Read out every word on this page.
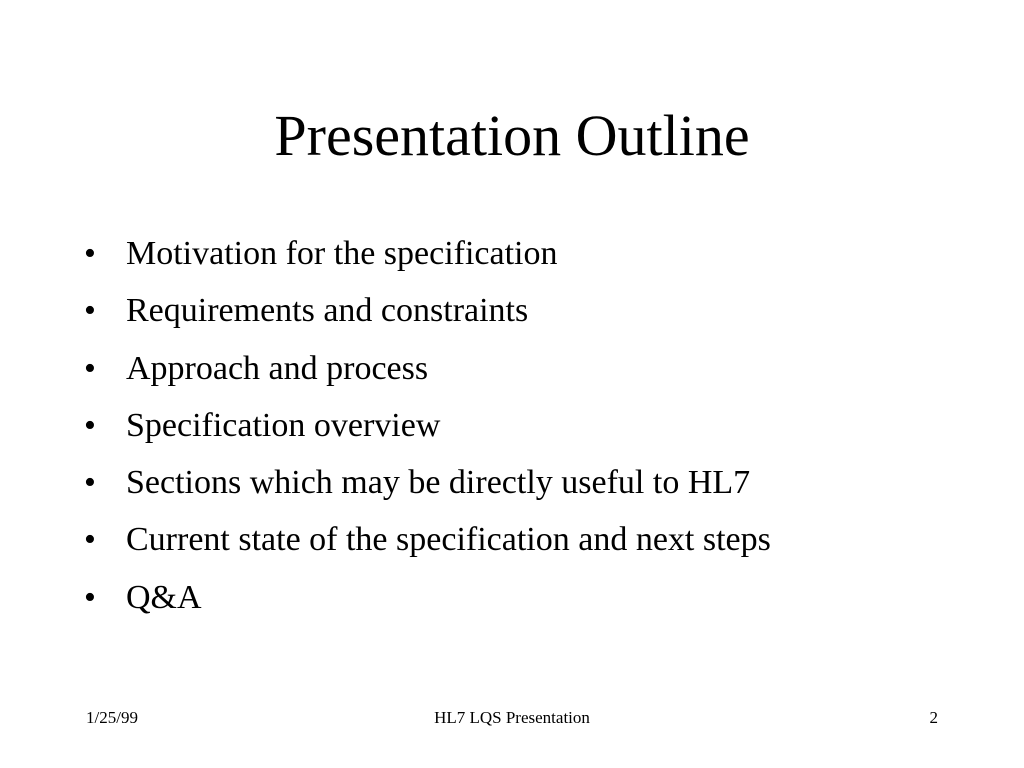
Presentation Outline
• Motivation for the specification
• Requirements and constraints
• Approach and process
• Specification overview
• Sections which may be directly useful to HL7
• Current state of the specification and next steps
• Q&A
1/25/99	HL7 LQS Presentation	2
